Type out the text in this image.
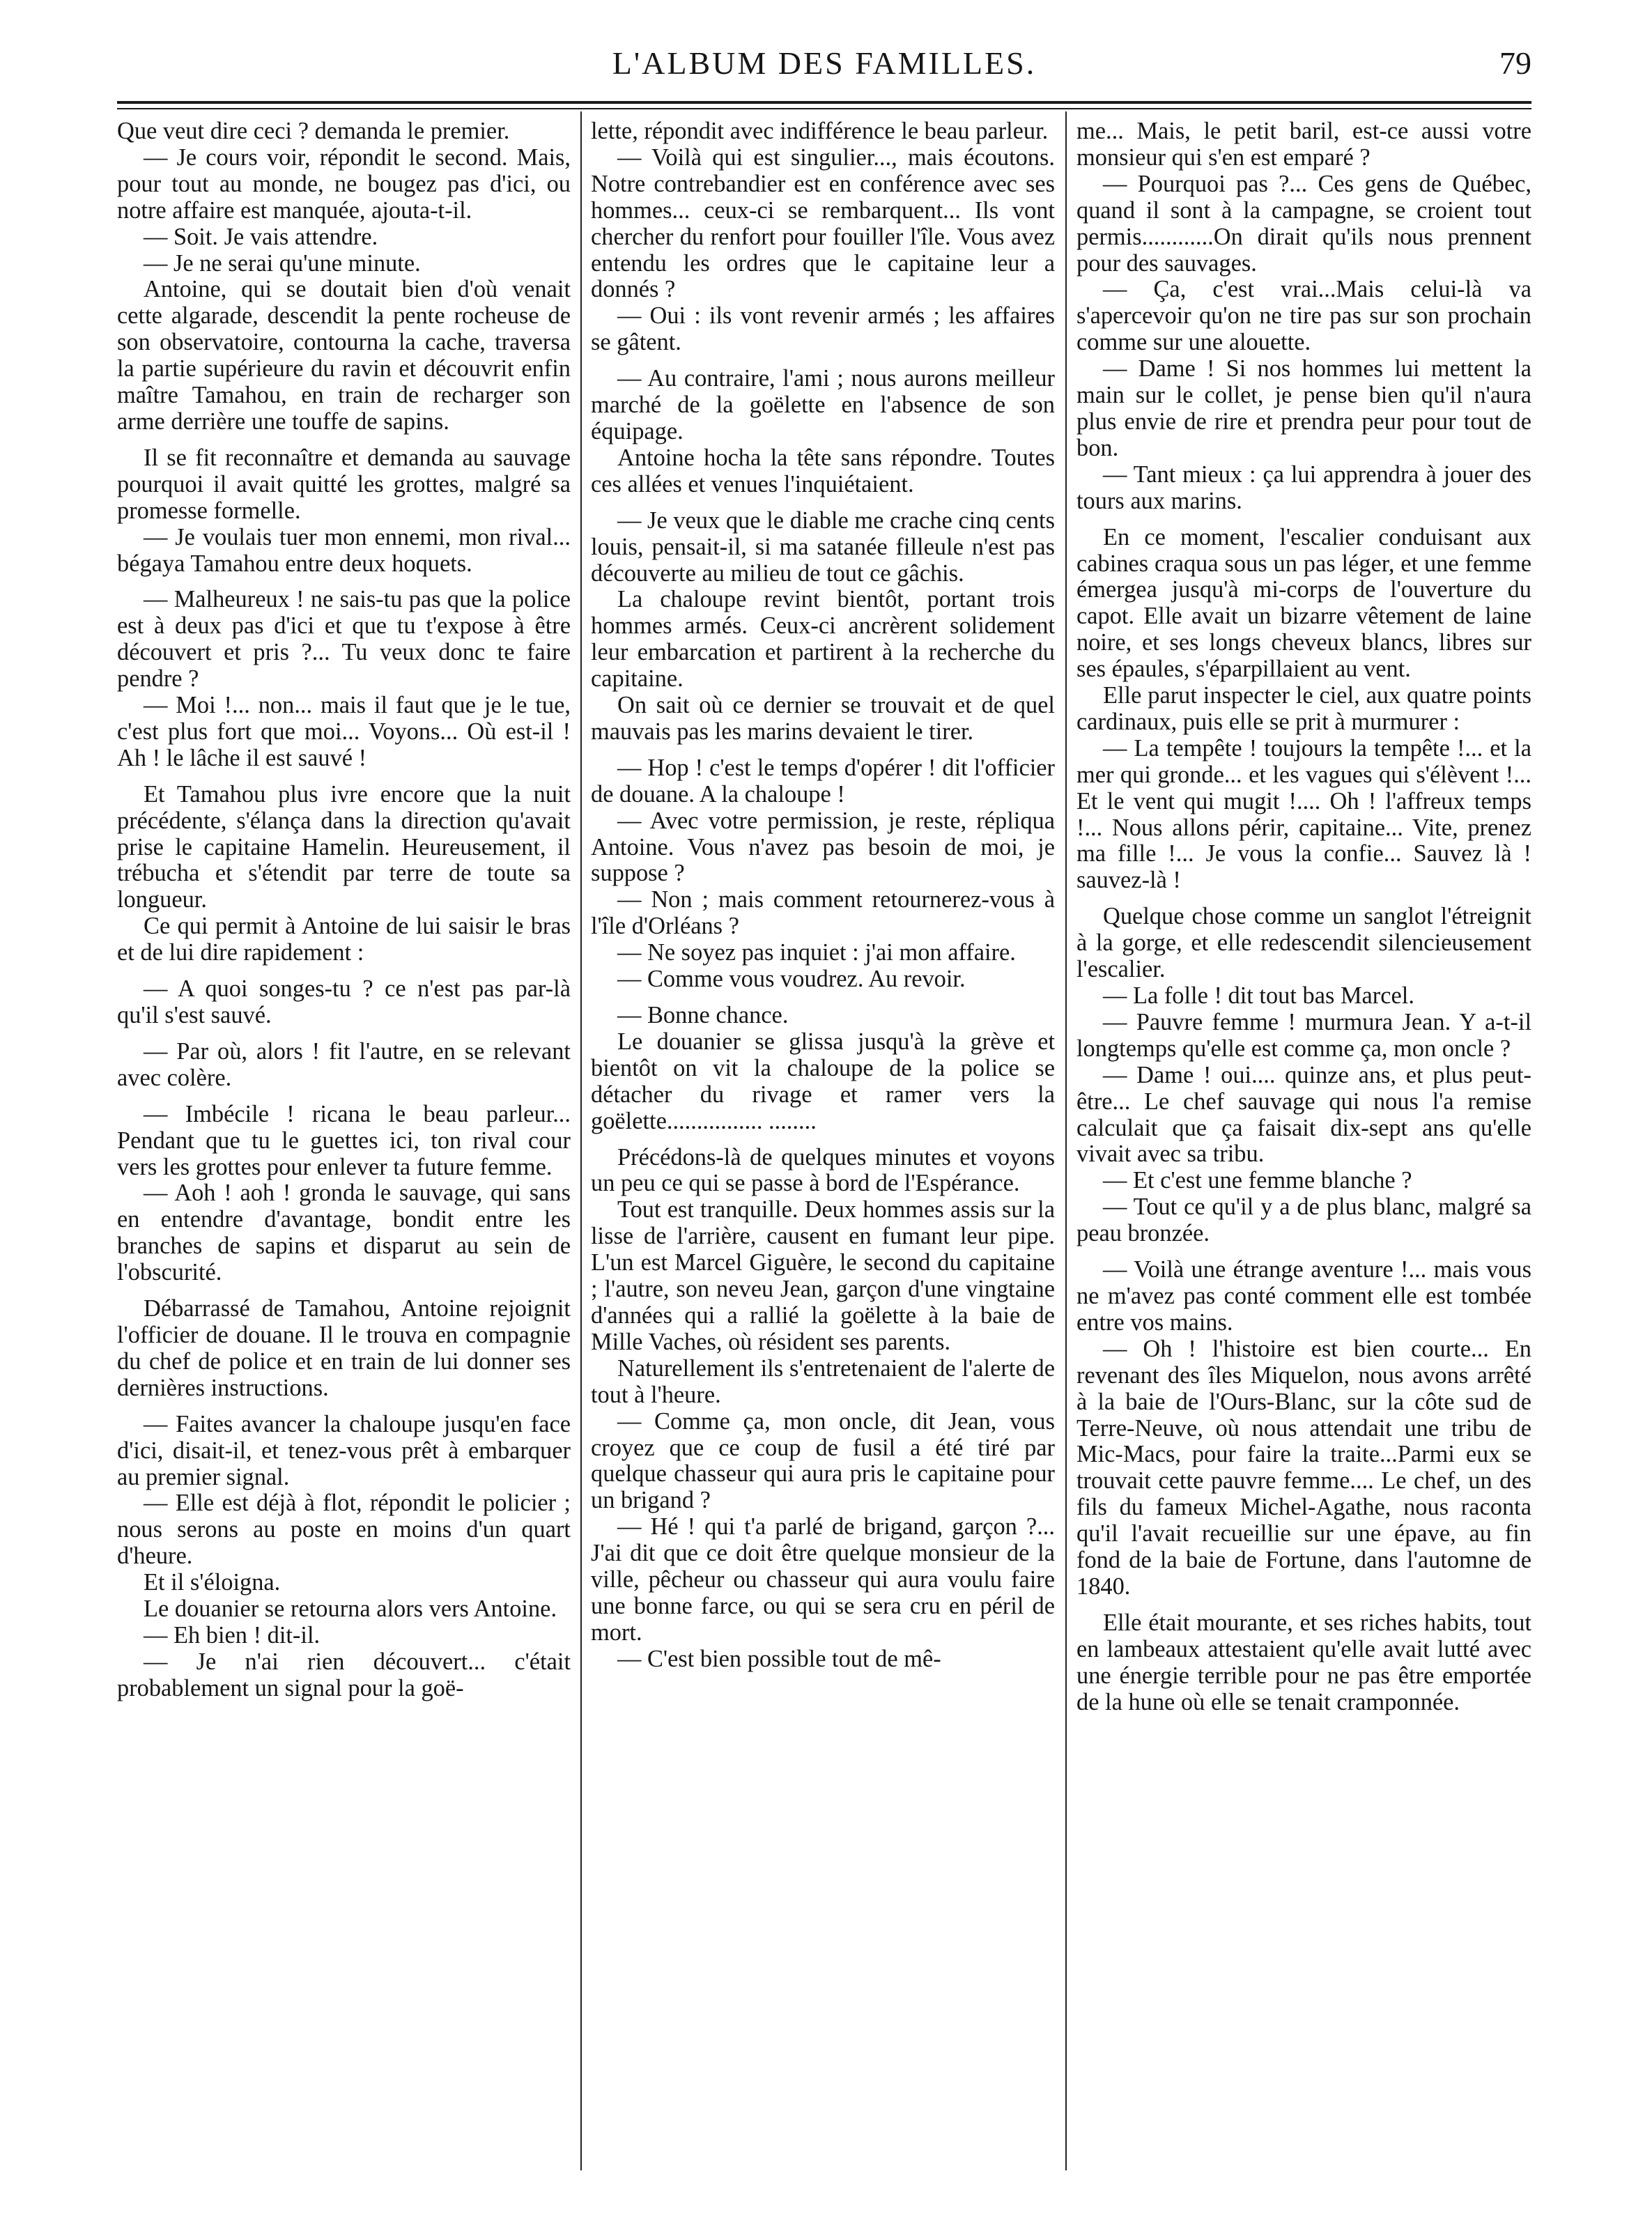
L'ALBUM DES FAMILLES.	79

Que veut dire ceci ? demanda le premier.

— Je cours voir, répondit le second. Mais, pour tout au monde, ne bougez pas d'ici, ou notre affaire est manquée, ajouta-t-il.

— Soit. Je vais attendre.

— Je ne serai qu'une minute.

Antoine, qui se doutait bien d'où venait cette algarade, descendit la pente rocheuse de son observatoire, contourna la cache, traversa la partie supérieure du ravin et découvrit enfin maître Tamahou, en train de recharger son arme derrière une touffe de sapins.

Il se fit reconnaître et demanda au sauvage pourquoi il avait quitté les grottes, malgré sa promesse formelle.

— Je voulais tuer mon ennemi, mon rival... bégaya Tamahou entre deux hoquets.

— Malheureux ! ne sais-tu pas que la police est à deux pas d'ici et que tu t'expose à être découvert et pris ?... Tu veux donc te faire pendre ?

— Moi !... non... mais il faut que je le tue, c'est plus fort que moi... Voyons... Où est-il ! Ah ! le lâche il est sauvé !

Et Tamahou plus ivre encore que la nuit précédente, s'élança dans la direction qu'avait prise le capitaine Hamelin. Heureusement, il trébucha et s'étendit par terre de toute sa longueur.

Ce qui permit à Antoine de lui saisir le bras et de lui dire rapidement :

— A quoi songes-tu ? ce n'est pas par-là qu'il s'est sauvé.

— Par où, alors ! fit l'autre, en se relevant avec colère.

— Imbécile ! ricana le beau parleur... Pendant que tu le guettes ici, ton rival cour vers les grottes pour enlever ta future femme.

— Aoh ! aoh ! gronda le sauvage, qui sans en entendre d'avantage, bondit entre les branches de sapins et disparut au sein de l'obscurité.

Débarrassé de Tamahou, Antoine rejoignit l'officier de douane. Il le trouva en compagnie du chef de police et en train de lui donner ses dernières instructions.

— Faites avancer la chaloupe jusqu'en face d'ici, disait-il, et tenez-vous prêt à embarquer au premier signal.

— Elle est déjà à flot, répondit le policier ; nous serons au poste en moins d'un quart d'heure.

Et il s'éloigna.

Le douanier se retourna alors vers Antoine.

— Eh bien ! dit-il.

— Je n'ai rien découvert... c'était probablement un signal pour la goë-

lette, répondit avec indifférence le beau parleur.

— Voilà qui est singulier..., mais écoutons. Notre contrebandier est en conférence avec ses hommes... ceux-ci se rembarquent... Ils vont chercher du renfort pour fouiller l'île. Vous avez entendu les ordres que le capitaine leur a donnés ?

— Oui : ils vont revenir armés ; les affaires se gâtent.

— Au contraire, l'ami ; nous aurons meilleur marché de la goëlette en l'absence de son équipage.

Antoine hocha la tête sans répondre. Toutes ces allées et venues l'inquiétaient.

— Je veux que le diable me crache cinq cents louis, pensait-il, si ma satanée filleule n'est pas découverte au milieu de tout ce gâchis.

La chaloupe revint bientôt, portant trois hommes armés. Ceux-ci ancrèrent solidement leur embarcation et partirent à la recherche du capitaine.

On sait où ce dernier se trouvait et de quel mauvais pas les marins devaient le tirer.

— Hop ! c'est le temps d'opérer ! dit l'officier de douane. A la chaloupe !

— Avec votre permission, je reste, répliqua Antoine. Vous n'avez pas besoin de moi, je suppose ?

— Non ; mais comment retournerez-vous à l'île d'Orléans ?

— Ne soyez pas inquiet : j'ai mon affaire.

— Comme vous voudrez. Au revoir.

— Bonne chance.

Le douanier se glissa jusqu'à la grève et bientôt on vit la chaloupe de la police se détacher du rivage et ramer vers la goëlette................ ........

Précédons-là de quelques minutes et voyons un peu ce qui se passe à bord de l'Espérance.

Tout est tranquille. Deux hommes assis sur la lisse de l'arrière, causent en fumant leur pipe. L'un est Marcel Giguère, le second du capitaine ; l'autre, son neveu Jean, garçon d'une vingtaine d'années qui a rallié la goëlette à la baie de Mille Vaches, où résident ses parents.

Naturellement ils s'entretenaient de l'alerte de tout à l'heure.

— Comme ça, mon oncle, dit Jean, vous croyez que ce coup de fusil a été tiré par quelque chasseur qui aura pris le capitaine pour un brigand ?

— Hé ! qui t'a parlé de brigand, garçon ?... J'ai dit que ce doit être quelque monsieur de la ville, pêcheur ou chasseur qui aura voulu faire une bonne farce, ou qui se sera cru en péril de mort.

— C'est bien possible tout de mê-

me... Mais, le petit baril, est-ce aussi votre monsieur qui s'en est emparé ?

— Pourquoi pas ?... Ces gens de Québec, quand il sont à la campagne, se croient tout permis............On dirait qu'ils nous prennent pour des sauvages.

— Ça, c'est vrai...Mais celui-là va s'apercevoir qu'on ne tire pas sur son prochain comme sur une alouette.

— Dame ! Si nos hommes lui mettent la main sur le collet, je pense bien qu'il n'aura plus envie de rire et prendra peur pour tout de bon.

— Tant mieux : ça lui apprendra à jouer des tours aux marins.

En ce moment, l'escalier conduisant aux cabines craqua sous un pas léger, et une femme émergea jusqu'à mi-corps de l'ouverture du capot. Elle avait un bizarre vêtement de laine noire, et ses longs cheveux blancs, libres sur ses épaules, s'éparpillaient au vent.

Elle parut inspecter le ciel, aux quatre points cardinaux, puis elle se prit à murmurer :

— La tempête ! toujours la tempête !... et la mer qui gronde... et les vagues qui s'élèvent !... Et le vent qui mugit !.... Oh ! l'affreux temps !... Nous allons périr, capitaine... Vite, prenez ma fille !... Je vous la confie... Sauvez là ! sauvez-là !

Quelque chose comme un sanglot l'étreignit à la gorge, et elle redescendit silencieusement l'escalier.

— La folle ! dit tout bas Marcel.

— Pauvre femme ! murmura Jean. Y a-t-il longtemps qu'elle est comme ça, mon oncle ?

— Dame ! oui.... quinze ans, et plus peut-être... Le chef sauvage qui nous l'a remise calculait que ça faisait dix-sept ans qu'elle vivait avec sa tribu.

— Et c'est une femme blanche ?

— Tout ce qu'il y a de plus blanc, malgré sa peau bronzée.

— Voilà une étrange aventure !... mais vous ne m'avez pas conté comment elle est tombée entre vos mains.

— Oh ! l'histoire est bien courte... En revenant des îles Miquelon, nous avons arrêté à la baie de l'Ours-Blanc, sur la côte sud de Terre-Neuve, où nous attendait une tribu de Mic-Macs, pour faire la traite...Parmi eux se trouvait cette pauvre femme.... Le chef, un des fils du fameux Michel-Agathe, nous raconta qu'il l'avait recueillie sur une épave, au fin fond de la baie de Fortune, dans l'automne de 1840.

Elle était mourante, et ses riches habits, tout en lambeaux attestaient qu'elle avait lutté avec une énergie terrible pour ne pas être emportée de la hune où elle se tenait cramponnée.
